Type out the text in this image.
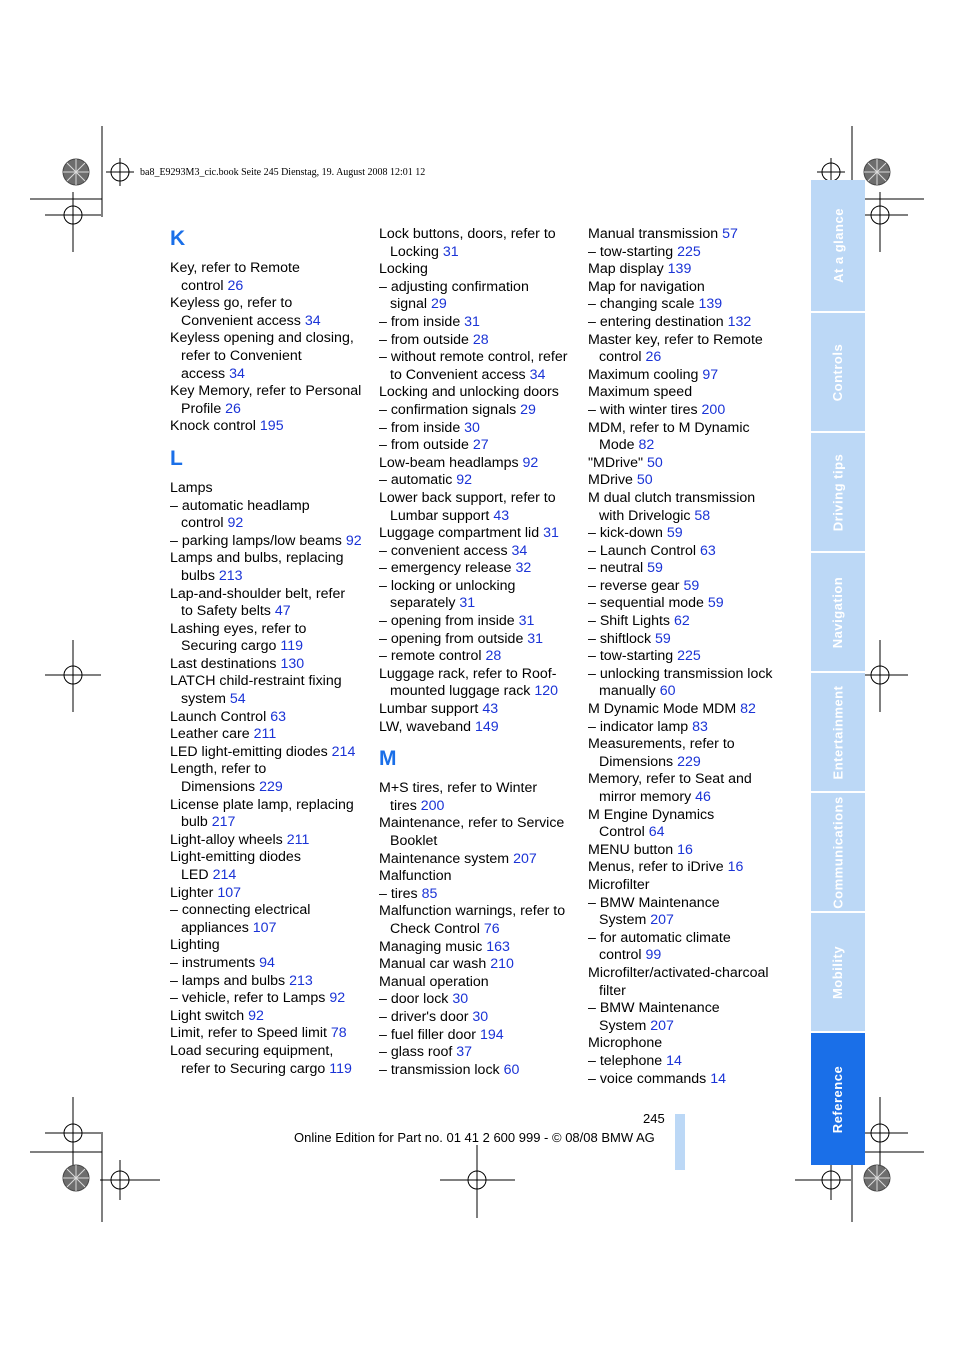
ba8_E9293M3_cic.book Seite 245 Dienstag, 19. August 2008 12:01 12
K
Key, refer to Remote
control 26
Keyless go, refer to
Convenient access 34
Keyless opening and closing,
refer to Convenient
access 34
Key Memory, refer to Personal
Profile 26
Knock control 195
L
Lamps
– automatic headlamp
control 92
– parking lamps/low beams 92
Lamps and bulbs, replacing
bulbs 213
Lap-and-shoulder belt, refer
to Safety belts 47
Lashing eyes, refer to
Securing cargo 119
Last destinations 130
LATCH child-restraint fixing
system 54
Launch Control 63
Leather care 211
LED light-emitting diodes 214
Length, refer to
Dimensions 229
License plate lamp, replacing
bulb 217
Light-alloy wheels 211
Light-emitting diodes
LED 214
Lighter 107
– connecting electrical
appliances 107
Lighting
– instruments 94
– lamps and bulbs 213
– vehicle, refer to Lamps 92
Light switch 92
Limit, refer to Speed limit 78
Load securing equipment,
refer to Securing cargo 119
Lock buttons, doors, refer to
Locking 31
Locking
– adjusting confirmation
signal 29
– from inside 31
– from outside 28
– without remote control, refer
to Convenient access 34
Locking and unlocking doors
– confirmation signals 29
– from inside 30
– from outside 27
Low-beam headlamps 92
– automatic 92
Lower back support, refer to
Lumbar support 43
Luggage compartment lid 31
– convenient access 34
– emergency release 32
– locking or unlocking
separately 31
– opening from inside 31
– opening from outside 31
– remote control 28
Luggage rack, refer to Roof-
mounted luggage rack 120
Lumbar support 43
LW, waveband 149
M
M+S tires, refer to Winter
tires 200
Maintenance, refer to Service
Booklet
Maintenance system 207
Malfunction
– tires 85
Malfunction warnings, refer to
Check Control 76
Managing music 163
Manual car wash 210
Manual operation
– door lock 30
– driver's door 30
– fuel filler door 194
– glass roof 37
– transmission lock 60
Manual transmission 57
– tow-starting 225
Map display 139
Map for navigation
– changing scale 139
– entering destination 132
Master key, refer to Remote
control 26
Maximum cooling 97
Maximum speed
– with winter tires 200
MDM, refer to M Dynamic
Mode 82
"MDrive" 50
MDrive 50
M dual clutch transmission
with Drivelogic 58
– kick-down 59
– Launch Control 63
– neutral 59
– reverse gear 59
– sequential mode 59
– Shift Lights 62
– shiftlock 59
– tow-starting 225
– unlocking transmission lock
manually 60
M Dynamic Mode MDM 82
– indicator lamp 83
Measurements, refer to
Dimensions 229
Memory, refer to Seat and
mirror memory 46
M Engine Dynamics
Control 64
MENU button 16
Menus, refer to iDrive 16
Microfilter
– BMW Maintenance
System 207
– for automatic climate
control 99
Microfilter/activated-charcoal
filter
– BMW Maintenance
System 207
Microphone
– telephone 14
– voice commands 14
At a glance
Controls
Driving tips
Navigation
Entertainment
Communications
Mobility
Reference
245
Online Edition for Part no. 01 41 2 600 999 - © 08/08 BMW AG
